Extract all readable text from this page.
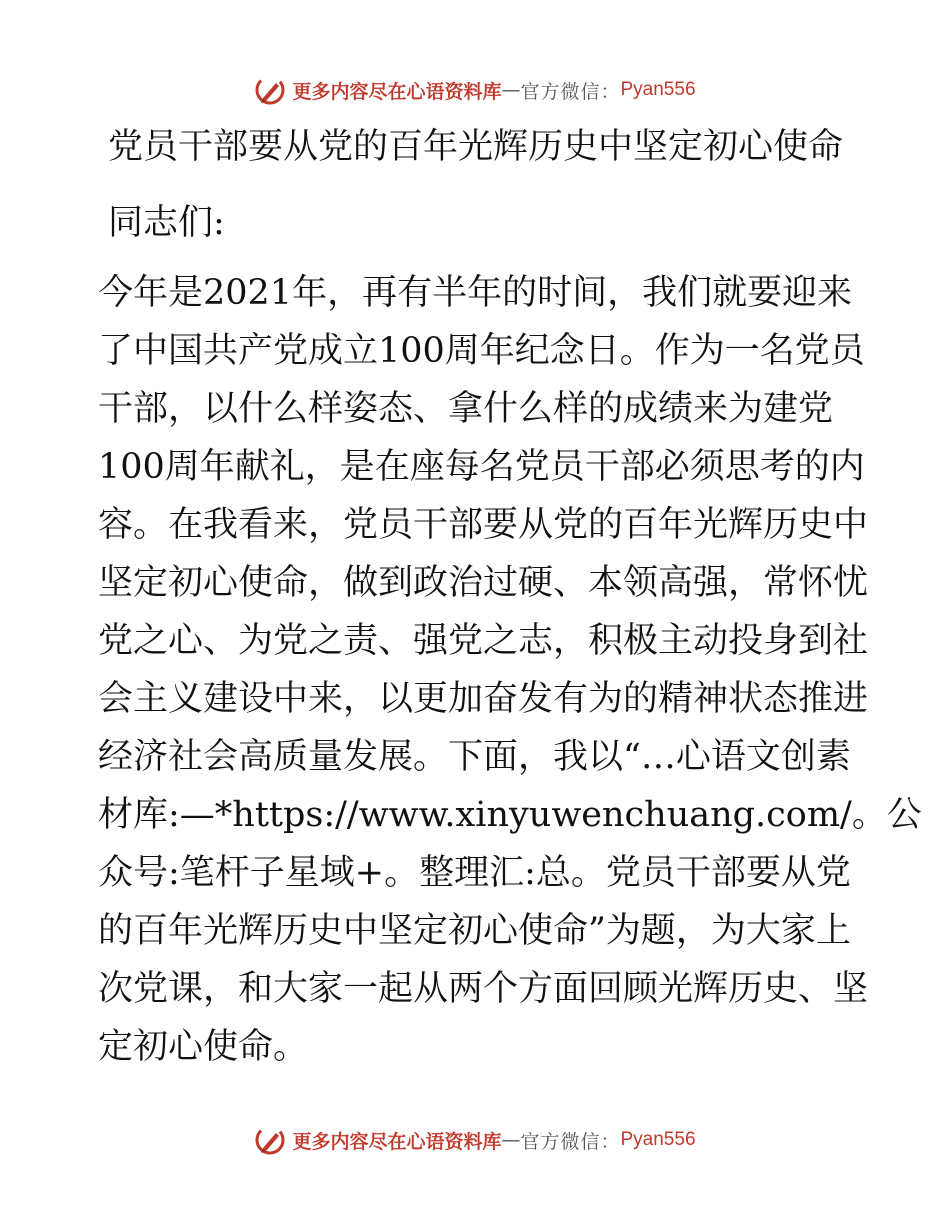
更多内容尽在心语资料库 — 官方微信： Pyan556
党员干部要从党的百年光辉历史中坚定初心使命

同志们:

今年是2021年，再有半年的时间，我们就要迎来
了中国共产党成立100周年纪念日。作为一名党员
干部，以什么样姿态、拿什么样的成绩来为建党
100周年献礼，是在座每名党员干部必须思考的内
容。在我看来，党员干部要从党的百年光辉历史中
坚定初心使命，做到政治过硬、本领高强，常怀忧
党之心、为党之责、强党之志，积极主动投身到社
会主义建设中来，以更加奋发有为的精神状态推进
经济社会高质量发展。下面，我以“…心语文创素
材库:—*https://www.xinyuwenchuang.com/。公
众号:笔杆子星域+。整理汇:总。党员干部要从党
的百年光辉历史中坚定初心使命”为题，为大家上
次党课，和大家一起从两个方面回顾光辉历史、坚
定初心使命。
更多内容尽在心语资料库 — 官方微信： Pyan556
